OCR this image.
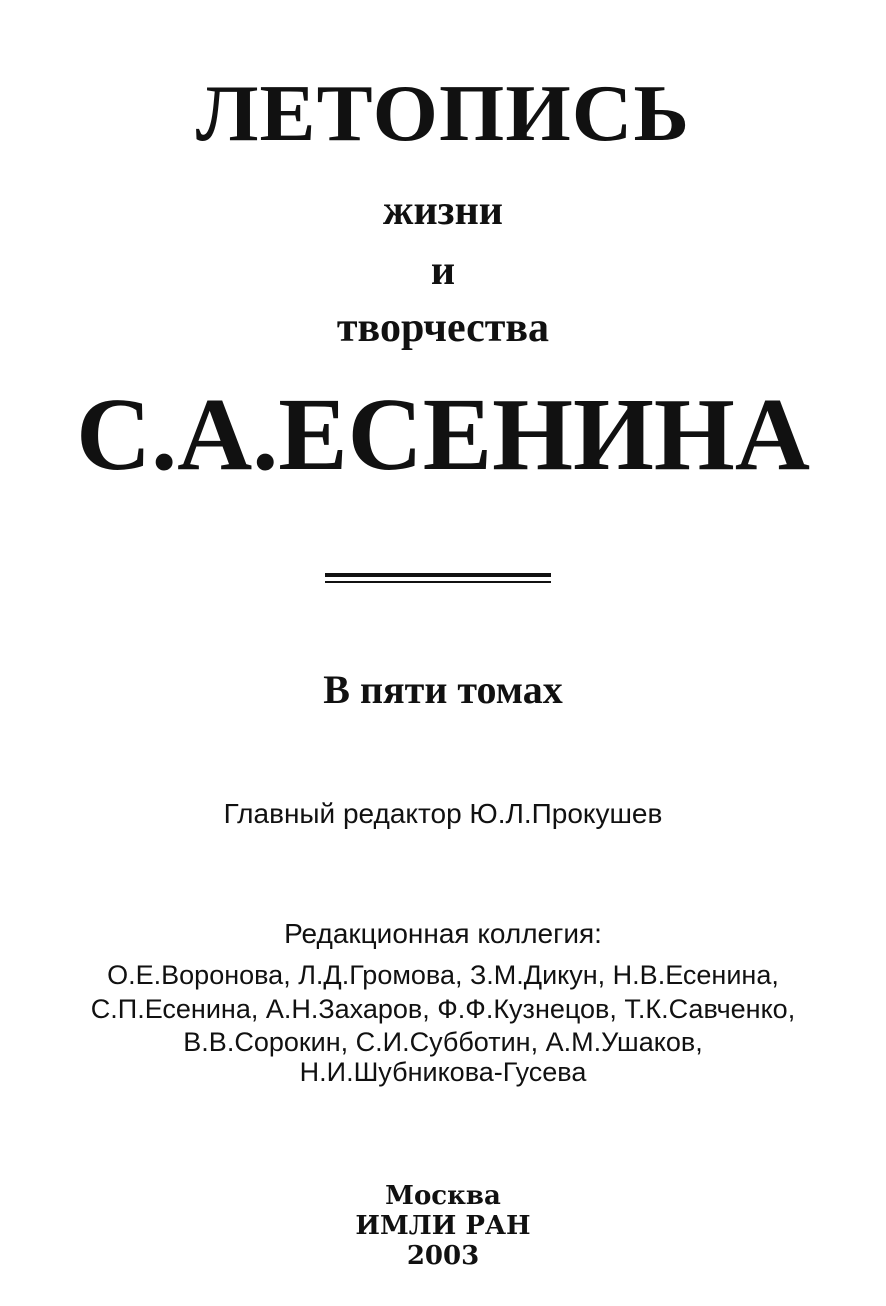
ЛЕТОПИСЬ
жизни
и
творчества
С.А.ЕСЕНИНА
В пяти томах
Главный редактор Ю.Л.Прокушев
Редакционная коллегия:
О.Е.Воронова, Л.Д.Громова, З.М.Дикун, Н.В.Есенина,
С.П.Есенина, А.Н.Захаров, Ф.Ф.Кузнецов, Т.К.Савченко,
В.В.Сорокин, С.И.Субботин, А.М.Ушаков,
Н.И.Шубникова-Гусева
Москва
ИМЛИ РАН
2003
